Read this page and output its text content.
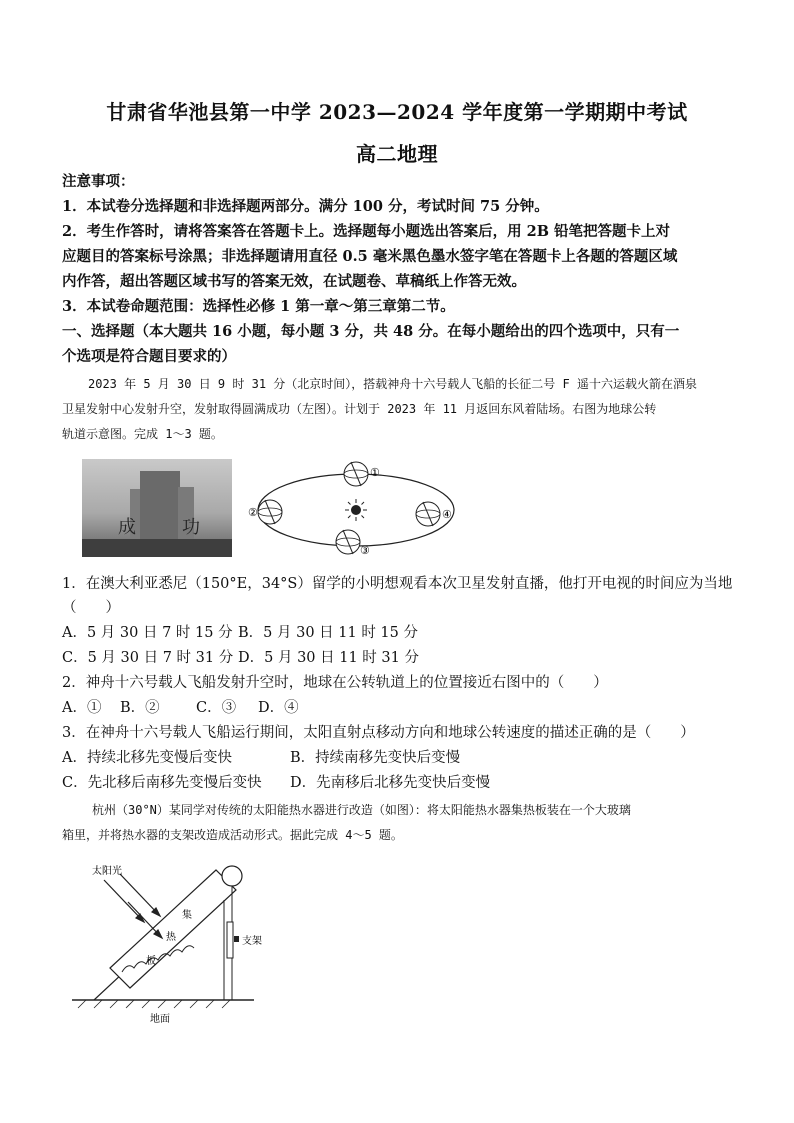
甘肃省华池县第一中学 2023—2024 学年度第一学期期中考试
高二地理
注意事项：
1．本试卷分选择题和非选择题两部分。满分 100 分，考试时间 75 分钟。
2．考生作答时，请将答案答在答题卡上。选择题每小题选出答案后，用 2B 铅笔把答题卡上对
应题目的答案标号涂黑；非选择题请用直径 0.5 毫米黑色墨水签字笔在答题卡上各题的答题区域
内作答，超出答题区域书写的答案无效，在试题卷、草稿纸上作答无效。
3．本试卷命题范围：选择性必修 1 第一章～第三章第二节。
一、选择题（本大题共 16 小题，每小题 3 分，共 48 分。在每小题给出的四个选项中，只有一
个选项是符合题目要求的）
2023 年 5 月 30 日 9 时 31 分（北京时间），搭载神舟十六号载人飞船的长征二号 F 遥十六运载火箭在酒泉
卫星发射中心发射升空，发射取得圆满成功（左图）。计划于 2023 年 11 月返回东风着陆场。右图为地球公转
轨道示意图。完成 1～3 题。
成	功
①
②
③
④
1．在澳大利亚悉尼（150°E，34°S）留学的小明想观看本次卫星发射直播，他打开电视的时间应为当地
（　　）
A．5 月 30 日 7 时 15 分 B．5 月 30 日 11 时 15 分
C．5 月 30 日 7 时 31 分 D．5 月 30 日 11 时 31 分
2．神舟十六号载人飞船发射升空时，地球在公转轨道上的位置接近右图中的（　　）
A．① B．②	C．③ D．④
3．在神舟十六号载人飞船运行期间，太阳直射点移动方向和地球公转速度的描述正确的是（　　）
A．持续北移先变慢后变快	B．持续南移先变快后变慢
C．先北移后南移先变慢后变快 D．先南移后北移先变快后变慢
杭州（30°N）某同学对传统的太阳能热水器进行改造（如图）：将太阳能热水器集热板装在一个大玻璃
箱里，并将热水器的支架改造成活动形式。据此完成 4～5 题。
太阳光
集
热
板
支架
地面
